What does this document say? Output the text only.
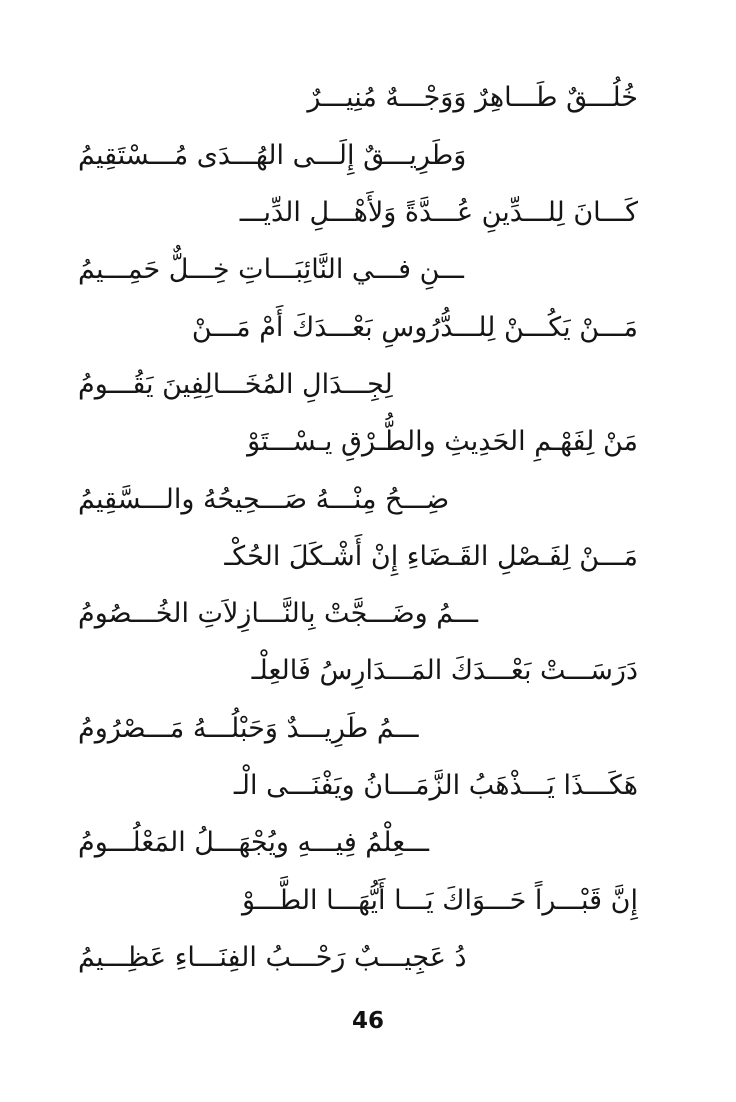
خُلُـــقٌ طَـــاهِرٌ وَوَجْـــهٌ مُنِيـــرٌ
وَطَرِيـــقٌ إِلَـــى الهُـــدَى مُـــسْتَقِيمُ
كَـــانَ لِلـــدِّينِ عُـــدَّةً وَلأَهْـــلِ الدِّيـــ
ـــنِ فـــي النَّائِبَـــاتِ خِـــلٌّ حَمِـــيمُ
مَـــنْ يَكُـــنْ لِلـــدُّرُوسِ بَعْـــدَكَ أَمْ مَـــنْ
لِجِـــدَالِ المُخَـــالِفِينَ يَقُـــومُ
مَنْ لِفَهْـمِ الحَدِيثِ والطُّـرْقِ يـسْـــتَوْ
ضِـــحُ مِنْـــهُ صَـــحِيحُهُ والـــسَّقِيمُ
مَـــنْ لِفَـصْلِ القَـضَاءِ إِنْ أَشْـكَلَ الحُكْـ
ـــمُ وضَـــجَّتْ بِالنَّـــازِلاَتِ الخُـــصُومُ
دَرَسَـــتْ بَعْـــدَكَ المَـــدَارِسُ فَالعِلْـ
ـــمُ طَرِيـــدٌ وَحَبْلُـــهُ مَـــصْرُومُ
هَكَـــذَا يَـــذْهَبُ الزَّمَـــانُ ويَفْنَـــى الْـ
ـــعِلْمُ فِيـــهِ ويُجْهَـــلُ المَعْلُـــومُ
إِنَّ قَبْـــراً حَـــوَاكَ يَـــا أَيُّهَـــا الطَّـــوْ
دُ عَجِيـــبٌ رَحْـــبُ الفِنَـــاءِ عَظِـــيمُ
46
